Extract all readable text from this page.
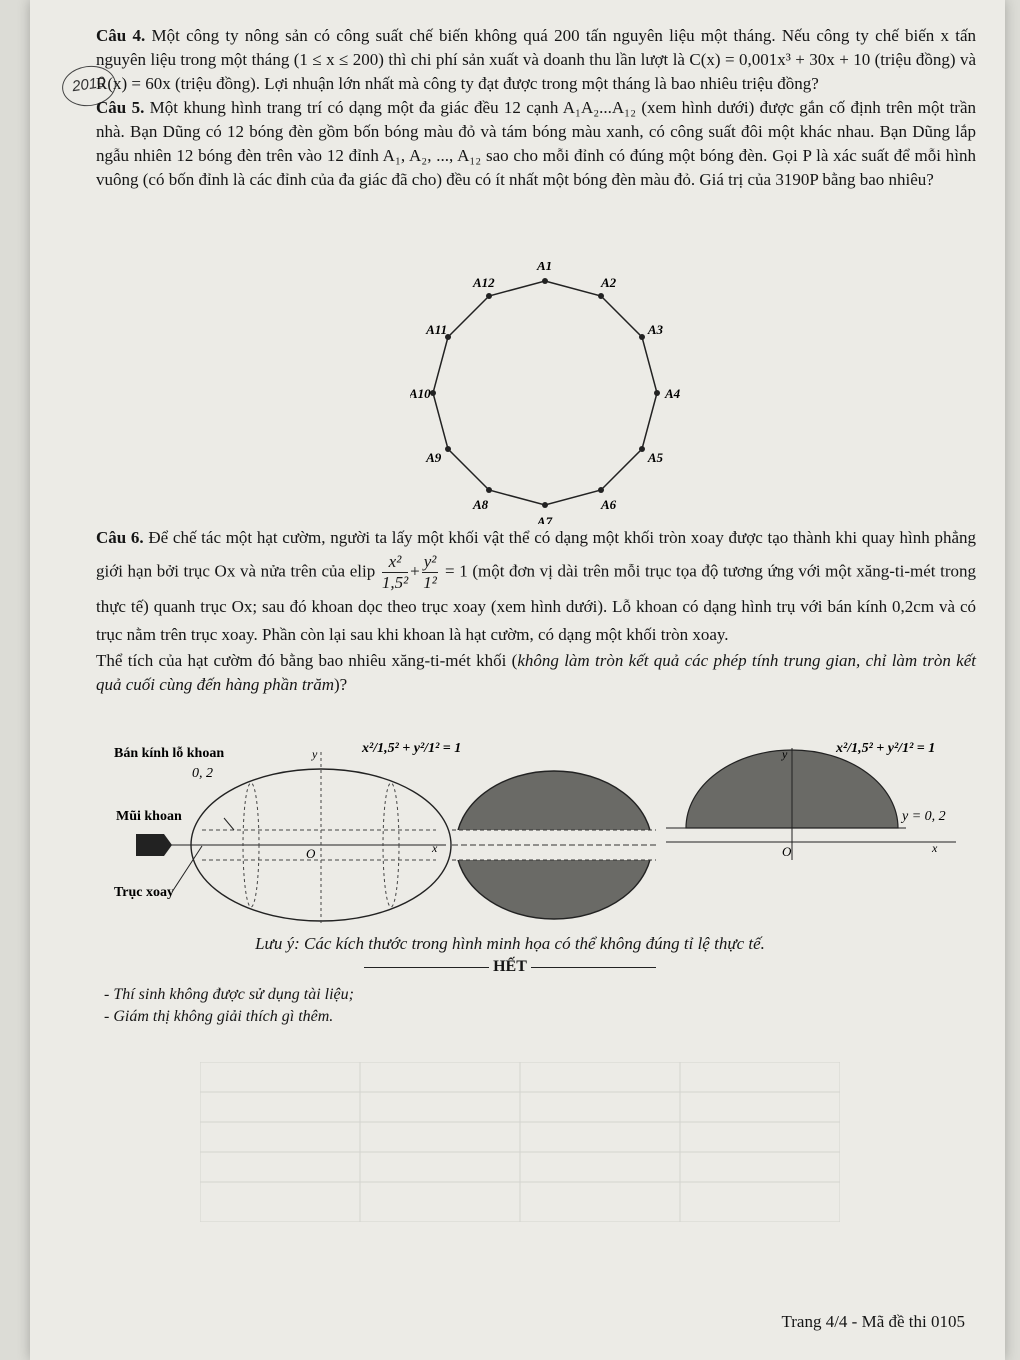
2010

Câu 4. Một công ty nông sản có công suất chế biến không quá 200 tấn nguyên liệu một tháng. Nếu công ty chế biến x tấn nguyên liệu trong một tháng (1 ≤ x ≤ 200) thì chi phí sản xuất và doanh thu lần lượt là C(x) = 0,001x³ + 30x + 10 (triệu đồng) và R(x) = 60x (triệu đồng). Lợi nhuận lớn nhất mà công ty đạt được trong một tháng là bao nhiêu triệu đồng?

Câu 5. Một khung hình trang trí có dạng một đa giác đều 12 cạnh A₁A₂...A₁₂ (xem hình dưới) được gắn cố định trên một trần nhà. Bạn Dũng có 12 bóng đèn gồm bốn bóng màu đỏ và tám bóng màu xanh, có công suất đôi một khác nhau. Bạn Dũng lắp ngẫu nhiên 12 bóng đèn trên vào 12 đỉnh A₁, A₂, ..., A₁₂ sao cho mỗi đỉnh có đúng một bóng đèn. Gọi P là xác suất để mỗi hình vuông (có bốn đỉnh là các đỉnh của đa giác đã cho) đều có ít nhất một bóng đèn màu đỏ. Giá trị của 3190P bằng bao nhiêu?

A1
A2
A3
A4
A5
A6
A7
A8
A9
A10
A11
A12

Câu 6. Để chế tác một hạt cườm, người ta lấy một khối vật thể có dạng một khối tròn xoay được tạo thành khi quay hình phẳng giới hạn bởi trục Ox và nửa trên của elip $\frac{\text{x²}}{\text{1,5²}} + \frac{\text{y²}}{\text{1²}} = 1$ (một đơn vị dài trên mỗi trục tọa độ tương ứng với một xăng-ti-mét trong thực tế) quanh trục Ox; sau đó khoan dọc theo trục xoay (xem hình dưới). Lỗ khoan có dạng hình trụ với bán kính 0,2cm và có trục nằm trên trục xoay. Phần còn lại sau khi khoan là hạt cườm, có dạng một khối tròn xoay.

Thể tích của hạt cườm đó bằng bao nhiêu xăng-ti-mét khối (không làm tròn kết quả các phép tính trung gian, chỉ làm tròn kết quả cuối cùng đến hàng phần trăm)?

Bán kính lỗ khoan
0, 2
Mũi khoan
Trục xoay
y
O	x
x²/1,5² + y²/1² = 1	y
O	x
y = 0, 2
x²/1,5² + y²/1² = 1
Lưu ý: Các kích thước trong hình minh họa có thể không đúng tỉ lệ thực tế.
HẾT
- Thí sinh không được sử dụng tài liệu;
- Giám thị không giải thích gì thêm.
Trang 4/4 - Mã đề thi 0105
